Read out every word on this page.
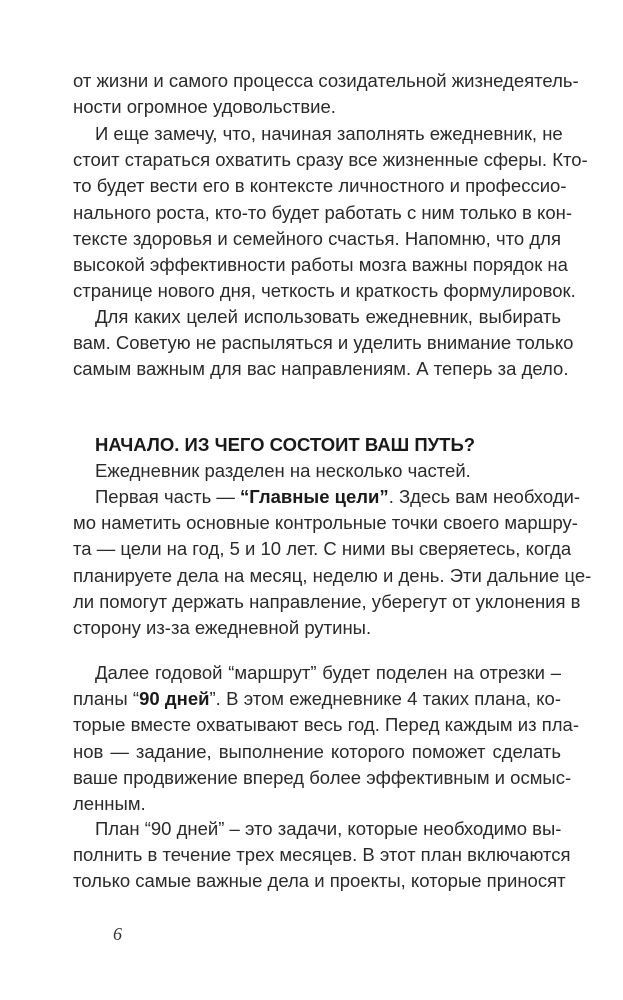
от жизни и самого процесса созидательной жизнедеятель-
ности огромное удовольствие.
И еще замечу, что, начиная заполнять ежедневник, не
стоит стараться охватить сразу все жизненные сферы. Кто-
то будет вести его в контексте личностного и профессио-
нального роста, кто-то будет работать с ним только в кон-
тексте здоровья и семейного счастья. Напомню, что для
высокой эффективности работы мозга важны порядок на
странице нового дня, четкость и краткость формулировок.
Для каких целей использовать ежедневник, выбирать
вам. Советую не распыляться и уделить внимание только
самым важным для вас направлениям. А теперь за дело.
НАЧАЛО. ИЗ ЧЕГО СОСТОИТ ВАШ ПУТЬ?
Ежедневник разделен на несколько частей.
Первая часть — “Главные цели”. Здесь вам необходи-
мо наметить основные контрольные точки своего маршру-
та — цели на год, 5 и 10 лет. С ними вы сверяетесь, когда
планируете дела на месяц, неделю и день. Эти дальние це-
ли помогут держать направление, уберегут от уклонения в
сторону из-за ежедневной рутины.
Далее годовой “маршрут” будет поделен на отрезки –
планы “90 дней”. В этом ежедневнике 4 таких плана, ко-
торые вместе охватывают весь год. Перед каждым из пла-
нов — задание, выполнение которого поможет сделать
ваше продвижение вперед более эффективным и осмыс-
ленным.
План “90 дней” – это задачи, которые необходимо вы-
полнить в течение трех месяцев. В этот план включаются
только самые важные дела и проекты, которые приносят
6
